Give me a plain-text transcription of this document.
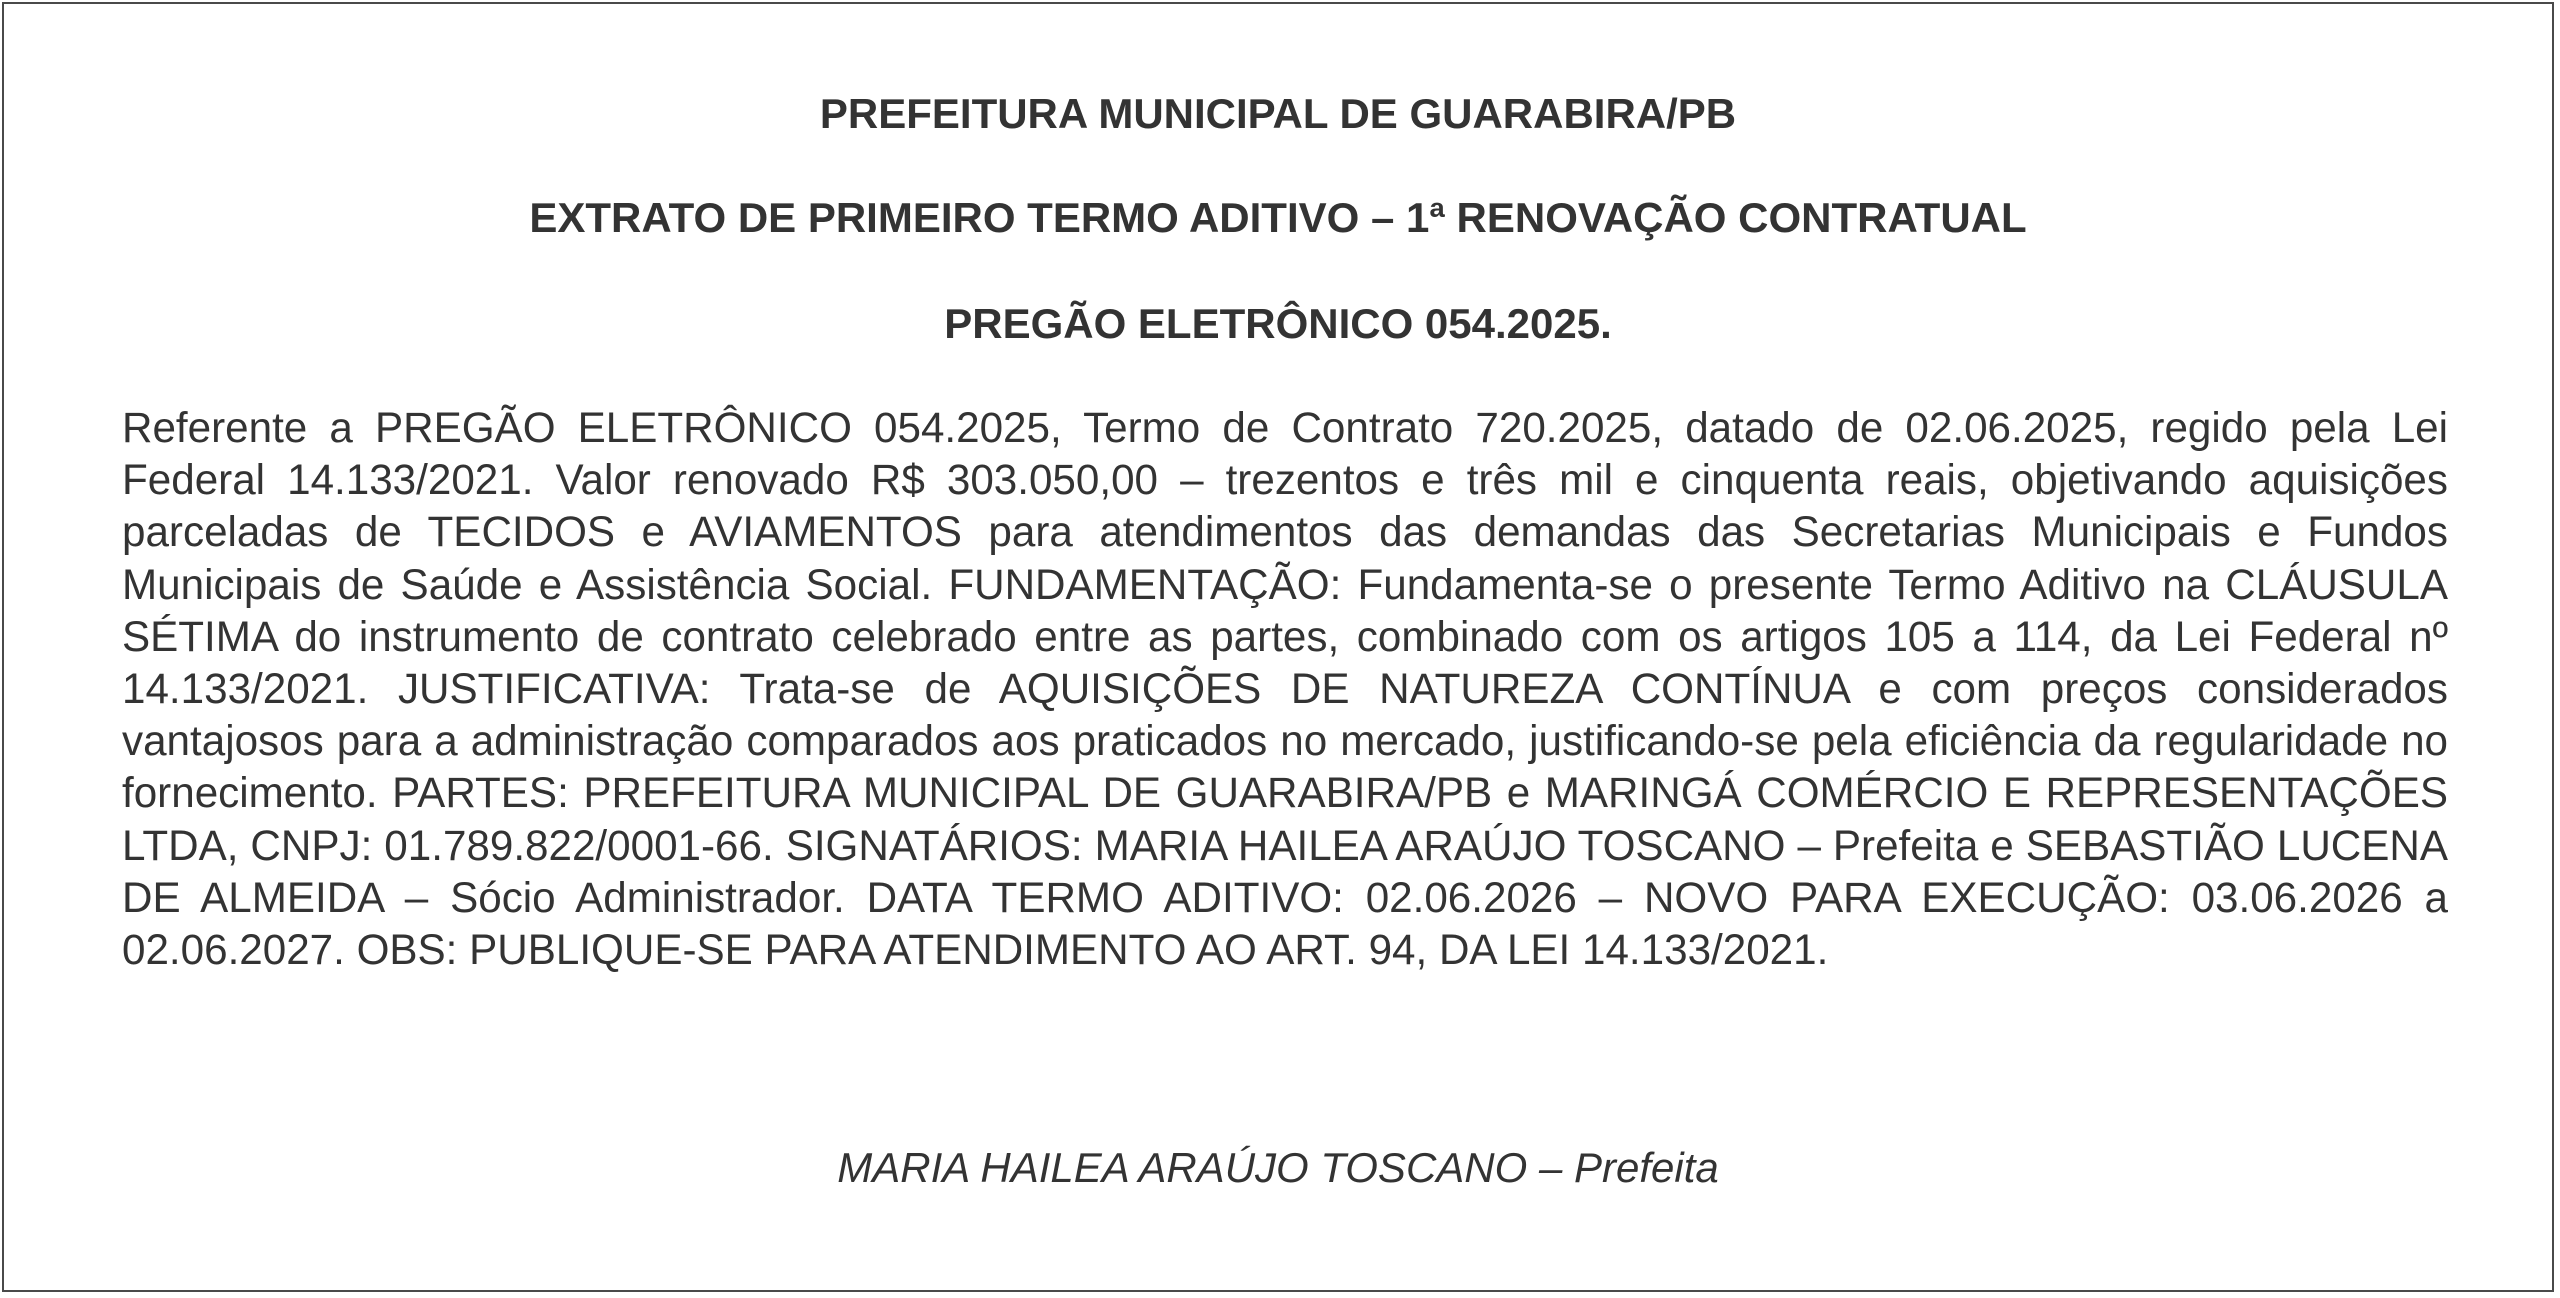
PREFEITURA MUNICIPAL DE GUARABIRA/PB
EXTRATO DE PRIMEIRO TERMO ADITIVO – 1ª RENOVAÇÃO CONTRATUAL
PREGÃO ELETRÔNICO 054.2025.
Referente a PREGÃO ELETRÔNICO 054.2025, Termo de Contrato 720.2025, datado de 02.06.2025, regido pela Lei Federal 14.133/2021. Valor renovado R$ 303.050,00 – trezentos e três mil e cinquenta reais, objetivando aquisições parceladas de TECIDOS e AVIAMENTOS para atendimentos das demandas das Secretarias Municipais e Fundos Municipais de Saúde e Assistência Social. FUNDAMENTAÇÃO: Fundamenta-se o presente Termo Aditivo na CLÁUSULA SÉTIMA do instrumento de contrato celebrado entre as partes, combinado com os artigos 105 a 114, da Lei Federal nº 14.133/2021. JUSTIFICATIVA: Trata-se de AQUISIÇÕES DE NATUREZA CONTÍNUA e com preços considerados vantajosos para a administração comparados aos praticados no mercado, justificando-se pela eficiência da regularidade no fornecimento. PARTES: PREFEITURA MUNICIPAL DE GUARABIRA/PB e MARINGÁ COMÉRCIO E REPRESENTAÇÕES LTDA, CNPJ: 01.789.822/0001-66. SIGNATÁRIOS: MARIA HAILEA ARAÚJO TOSCANO – Prefeita e SEBASTIÃO LUCENA DE ALMEIDA – Sócio Administrador. DATA TERMO ADITIVO: 02.06.2026 – NOVO PARA EXECUÇÃO: 03.06.2026 a 02.06.2027. OBS: PUBLIQUE-SE PARA ATENDIMENTO AO ART. 94, DA LEI 14.133/2021.
MARIA HAILEA ARAÚJO TOSCANO – Prefeita
